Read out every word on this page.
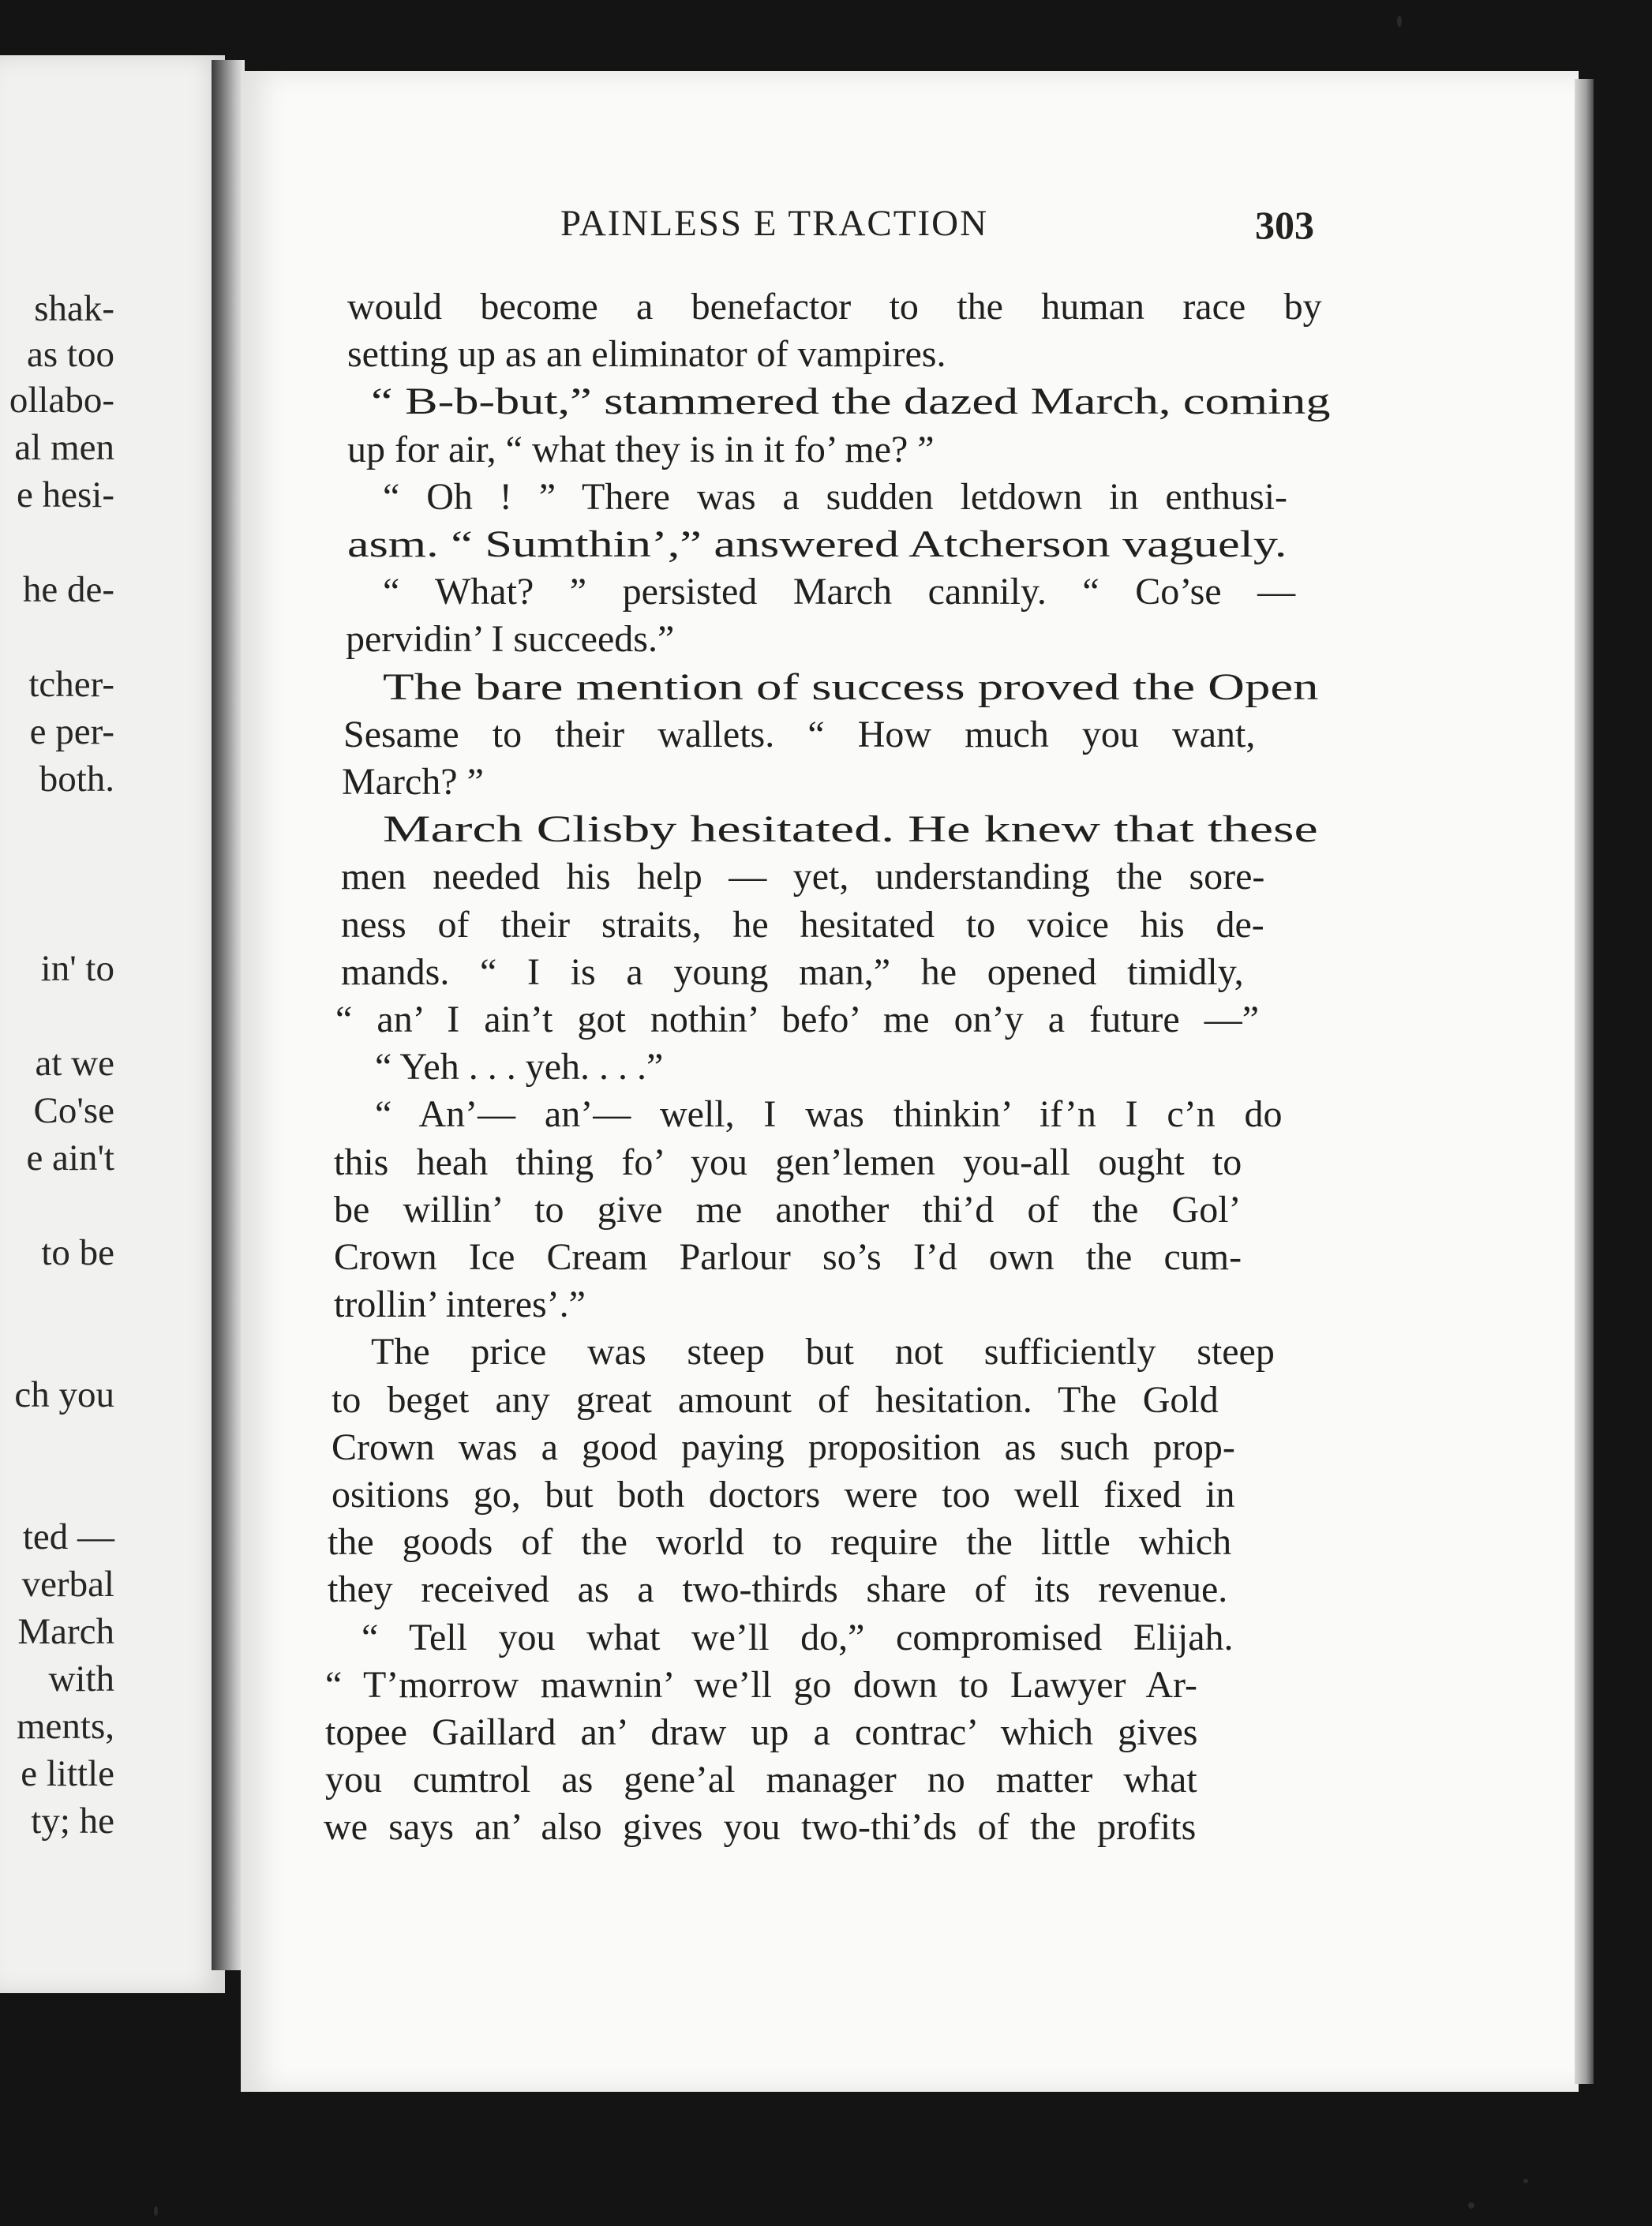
shak-
as too
ollabo-
al men
e hesi-
he de-
tcher-
e per-
both.
in' to
at we
Co'se
e ain't
to be
ch you
ted —
verbal
March
with
ments,
e little
ty; he
PAINLESS E TRACTION	303
would become a benefactor to the human race by
setting up as an eliminator of vampires.
“ B-b-but,” stammered the dazed March, coming
up for air, “ what they is in it fo’ me? ”
“ Oh ! ” There was a sudden letdown in enthusi-
asm. “ Sumthin’,” answered Atcherson vaguely.
“ What? ” persisted March cannily. “ Co’se —
pervidin’ I succeeds.”
The bare mention of success proved the Open
Sesame to their wallets. “ How much you want,
March? ”
March Clisby hesitated. He knew that these
men needed his help — yet, understanding the sore-
ness of their straits, he hesitated to voice his de-
mands. “ I is a young man,” he opened timidly,
“ an’ I ain’t got nothin’ befo’ me on’y a future —”
“ Yeh . . . yeh. . . .”
“ An’— an’— well, I was thinkin’ if’n I c’n do
this heah thing fo’ you gen’lemen you-all ought to
be willin’ to give me another thi’d of the Gol’
Crown Ice Cream Parlour so’s I’d own the cum-
trollin’ interes’.”
The price was steep but not sufficiently steep
to beget any great amount of hesitation. The Gold
Crown was a good paying proposition as such prop-
ositions go, but both doctors were too well fixed in
the goods of the world to require the little which
they received as a two-thirds share of its revenue.
“ Tell you what we’ll do,” compromised Elijah.
“ T’morrow mawnin’ we’ll go down to Lawyer Ar-
topee Gaillard an’ draw up a contrac’ which gives
you cumtrol as gene’al manager no matter what
we says an’ also gives you two-thi’ds of the profits
